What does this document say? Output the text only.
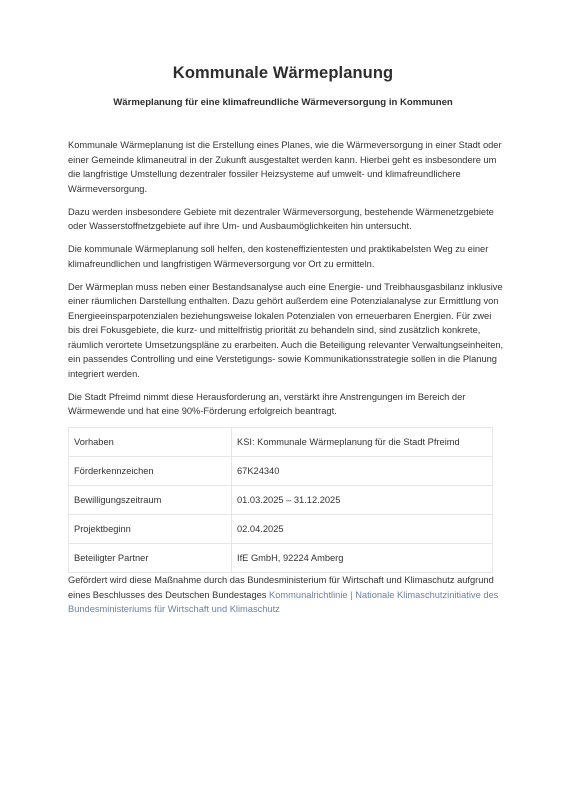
Kommunale Wärmeplanung
Wärmeplanung für eine klimafreundliche Wärmeversorgung in Kommunen

Kommunale Wärmeplanung ist die Erstellung eines Planes, wie die Wärmeversorgung in einer Stadt oder einer Gemeinde klimaneutral in der Zukunft ausgestaltet werden kann. Hierbei geht es insbesondere um die langfristige Umstellung dezentraler fossiler Heizsysteme auf umwelt- und klimafreundlichere Wärmeversorgung.

Dazu werden insbesondere Gebiete mit dezentraler Wärmeversorgung, bestehende Wärmenetzgebiete oder Wasserstoffnetzgebiete auf ihre Um- und Ausbaumöglichkeiten hin untersucht.

Die kommunale Wärmeplanung soll helfen, den kosteneffizientesten und praktikabelsten Weg zu einer klimafreundlichen und langfristigen Wärmeversorgung vor Ort zu ermitteln.

Der Wärmeplan muss neben einer Bestandsanalyse auch eine Energie- und Treibhausgasbilanz inklusive einer räumlichen Darstellung enthalten. Dazu gehört außerdem eine Potenzialanalyse zur Ermittlung von Energieeinsparpotenzialen beziehungsweise lokalen Potenzialen von erneuerbaren Energien. Für zwei bis drei Fokusgebiete, die kurz- und mittelfristig priorität zu behandeln sind, sind zusätzlich konkrete, räumlich verortete Umsetzungspläne zu erarbeiten. Auch die Beteiligung relevanter Verwaltungseinheiten, ein passendes Controlling und eine Verstetigungs- sowie Kommunikationsstrategie sollen in die Planung integriert werden.

Die Stadt Pfreimd nimmt diese Herausforderung an, verstärkt ihre Anstrengungen im Bereich der Wärmewende und hat eine 90%-Förderung erfolgreich beantragt.

Vorhaben	KSI: Kommunale Wärmeplanung für die Stadt Pfreimd
Förderkennzeichen	67K24340
Bewilligungszeitraum	01.03.2025 – 31.12.2025
Projektbeginn	02.04.2025
Beteiligter Partner	IfE GmbH, 92224 Amberg

Gefördert wird diese Maßnahme durch das Bundesministerium für Wirtschaft und Klimaschutz aufgrund eines Beschlusses des Deutschen Bundestages Kommunalrichtlinie | Nationale Klimaschutzinitiative des Bundesministeriums für Wirtschaft und Klimaschutz
